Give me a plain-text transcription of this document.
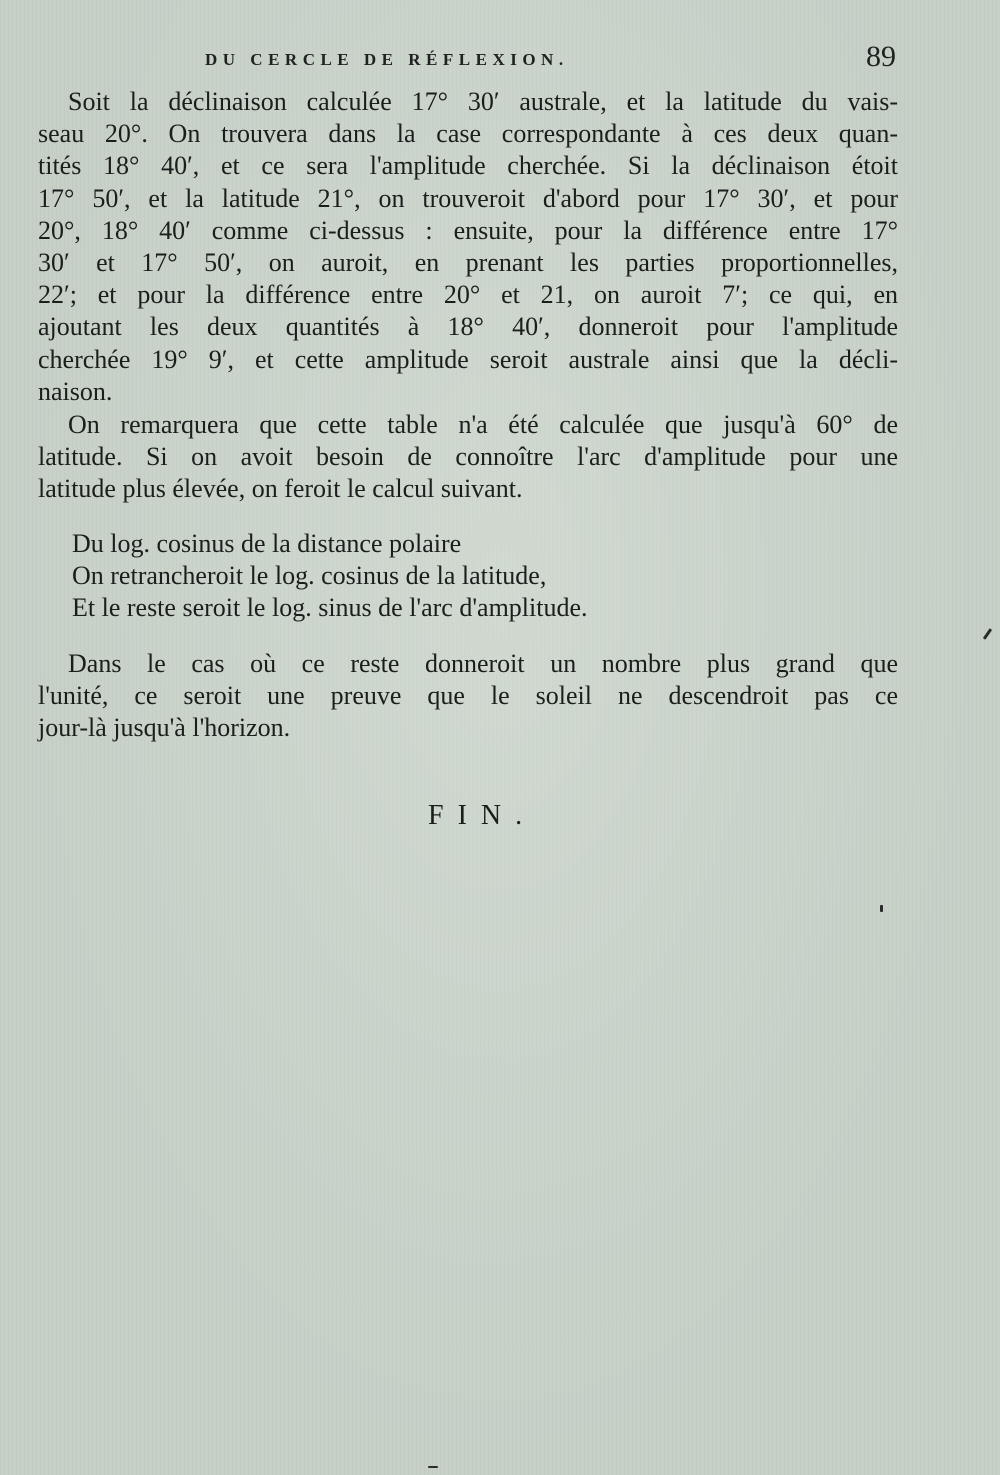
DU CERCLE DE RÉFLEXION.	89

Soit la déclinaison calculée 17° 30′ australe, et la latitude du vais-
seau 20°. On trouvera dans la case correspondante à ces deux quan-
tités 18° 40′, et ce sera l'amplitude cherchée. Si la déclinaison étoit
17° 50′, et la latitude 21°, on trouveroit d'abord pour 17° 30′, et pour
20°, 18° 40′ comme ci-dessus : ensuite, pour la différence entre 17°
30′ et 17° 50′, on auroit, en prenant les parties proportionnelles,
22′; et pour la différence entre 20° et 21, on auroit 7′; ce qui, en
ajoutant les deux quantités à 18° 40′, donneroit pour l'amplitude
cherchée 19° 9′, et cette amplitude seroit australe ainsi que la décli-
naison.

On remarquera que cette table n'a été calculée que jusqu'à 60° de
latitude. Si on avoit besoin de connoître l'arc d'amplitude pour une
latitude plus élevée, on feroit le calcul suivant.

Du log. cosinus de la distance polaire
On retrancheroit le log. cosinus de la latitude,
Et le reste seroit le log. sinus de l'arc d'amplitude.

Dans le cas où ce reste donneroit un nombre plus grand que
l'unité, ce seroit une preuve que le soleil ne descendroit pas ce
jour-là jusqu'à l'horizon.

FIN.
